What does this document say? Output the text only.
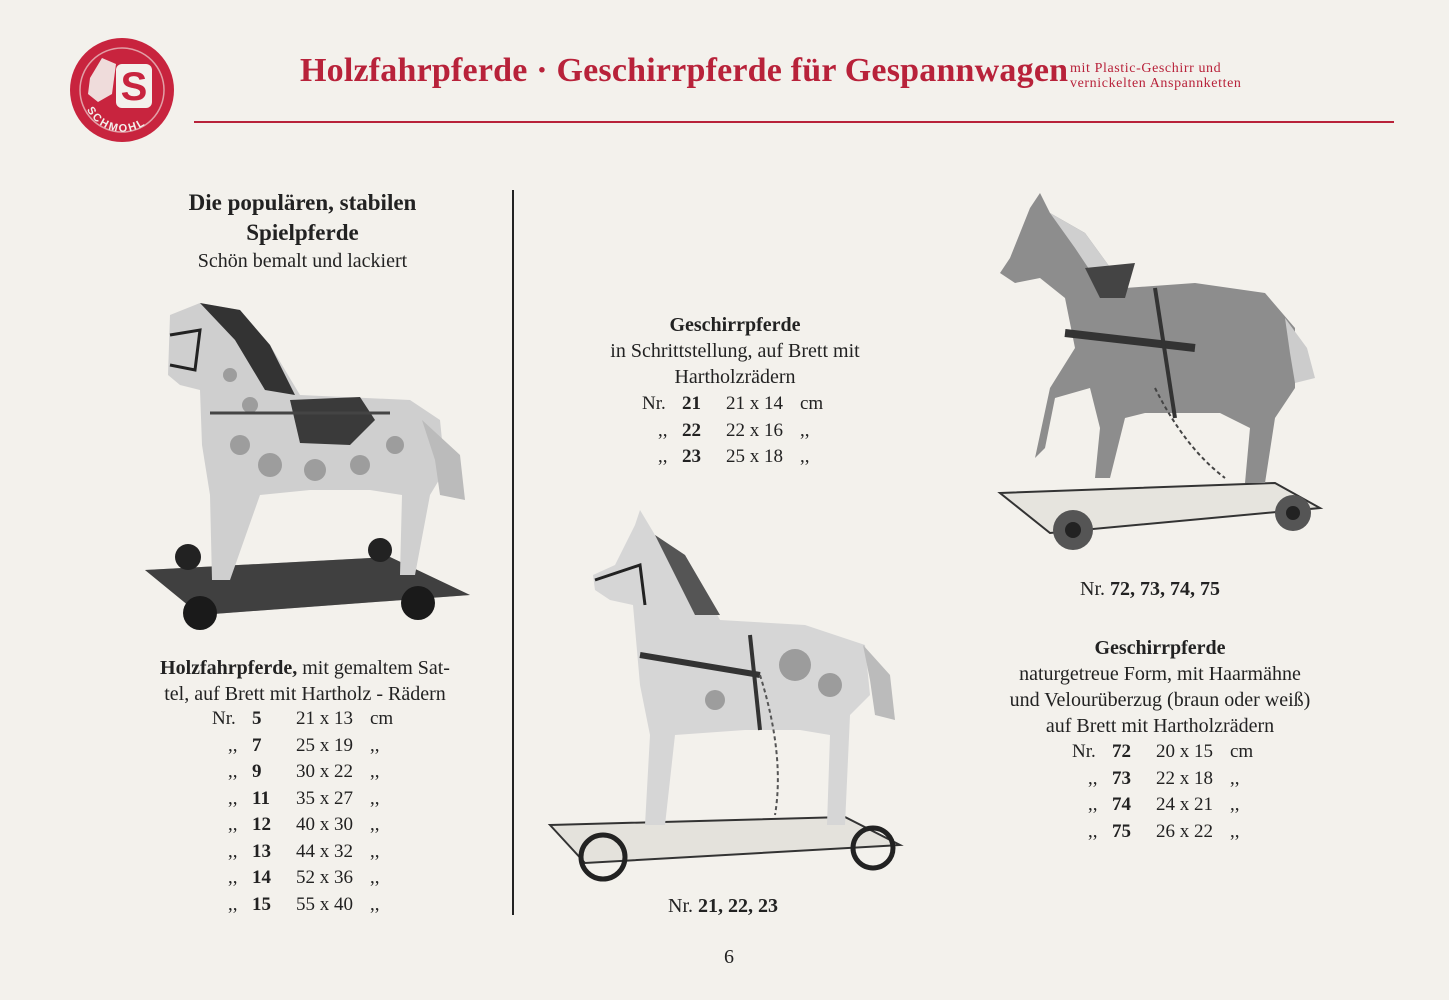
S
SCHMOHL
Holzfahrpferde · Geschirrpferde für Gespannwagen mit Plastic-Geschirr und
vernickelten Anspannketten
Die populären, stabilen
Spielpferde
Schön bemalt und lackiert
Holzfahrpferde, mit gemaltem Sat-
tel, auf Brett mit Hartholz - Rädern
Nr. 5 21 x 13 cm
,, 7 25 x 19 ,,
,, 9 30 x 22 ,,
,, 11 35 x 27 ,,
,, 12 40 x 30 ,,
,, 13 44 x 32 ,,
,, 14 52 x 36 ,,
,, 15 55 x 40 ,,
Geschirrpferde
in Schrittstellung, auf Brett mit
Hartholzrädern
Nr. 21 21 x 14 cm
,, 22 22 x 16 ,,
,, 23 25 x 18 ,,
Nr. 21, 22, 23
Nr. 72, 73, 74, 75
Geschirrpferde
naturgetreue Form, mit Haarmähne
und Velourüberzug (braun oder weiß)
auf Brett mit Hartholzrädern
Nr. 72 20 x 15 cm
,, 73 22 x 18 ,,
,, 74 24 x 21 ,,
,, 75 26 x 22 ,,
6
